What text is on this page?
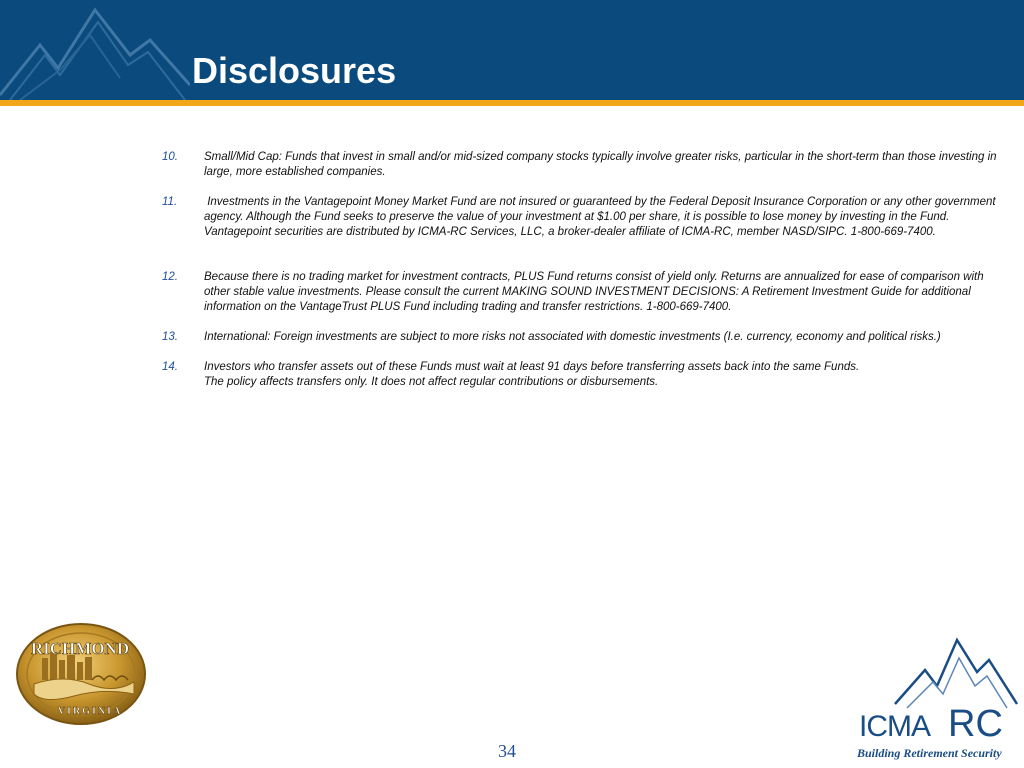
Disclosures
10.	Small/Mid Cap: Funds that invest in small and/or mid-sized company stocks typically involve greater risks, particular in the short-term than those investing in large, more established companies.
11.	Investments in the Vantagepoint Money Market Fund are not insured or guaranteed by the Federal Deposit Insurance Corporation or any other government agency. Although the Fund seeks to preserve the value of your investment at $1.00 per share, it is possible to lose money by investing in the Fund. Vantagepoint securities are distributed by ICMA-RC Services, LLC, a broker-dealer affiliate of ICMA-RC, member NASD/SIPC. 1-800-669-7400.
12.	Because there is no trading market for investment contracts, PLUS Fund returns consist of yield only. Returns are annualized for ease of comparison with other stable value investments. Please consult the current MAKING SOUND INVESTMENT DECISIONS: A Retirement Investment Guide for additional information on the VantageTrust PLUS Fund including trading and transfer restrictions. 1-800-669-7400.
13.	International: Foreign investments are subject to more risks not associated with domestic investments (I.e. currency, economy and political risks.)
14.	Investors who transfer assets out of these Funds must wait at least 91 days before transferring assets back into the same Funds.
The policy affects transfers only. It does not affect regular contributions or disbursements.
RICHMOND
VIRGINIA	ICMA RC
Building Retirement Security
34
